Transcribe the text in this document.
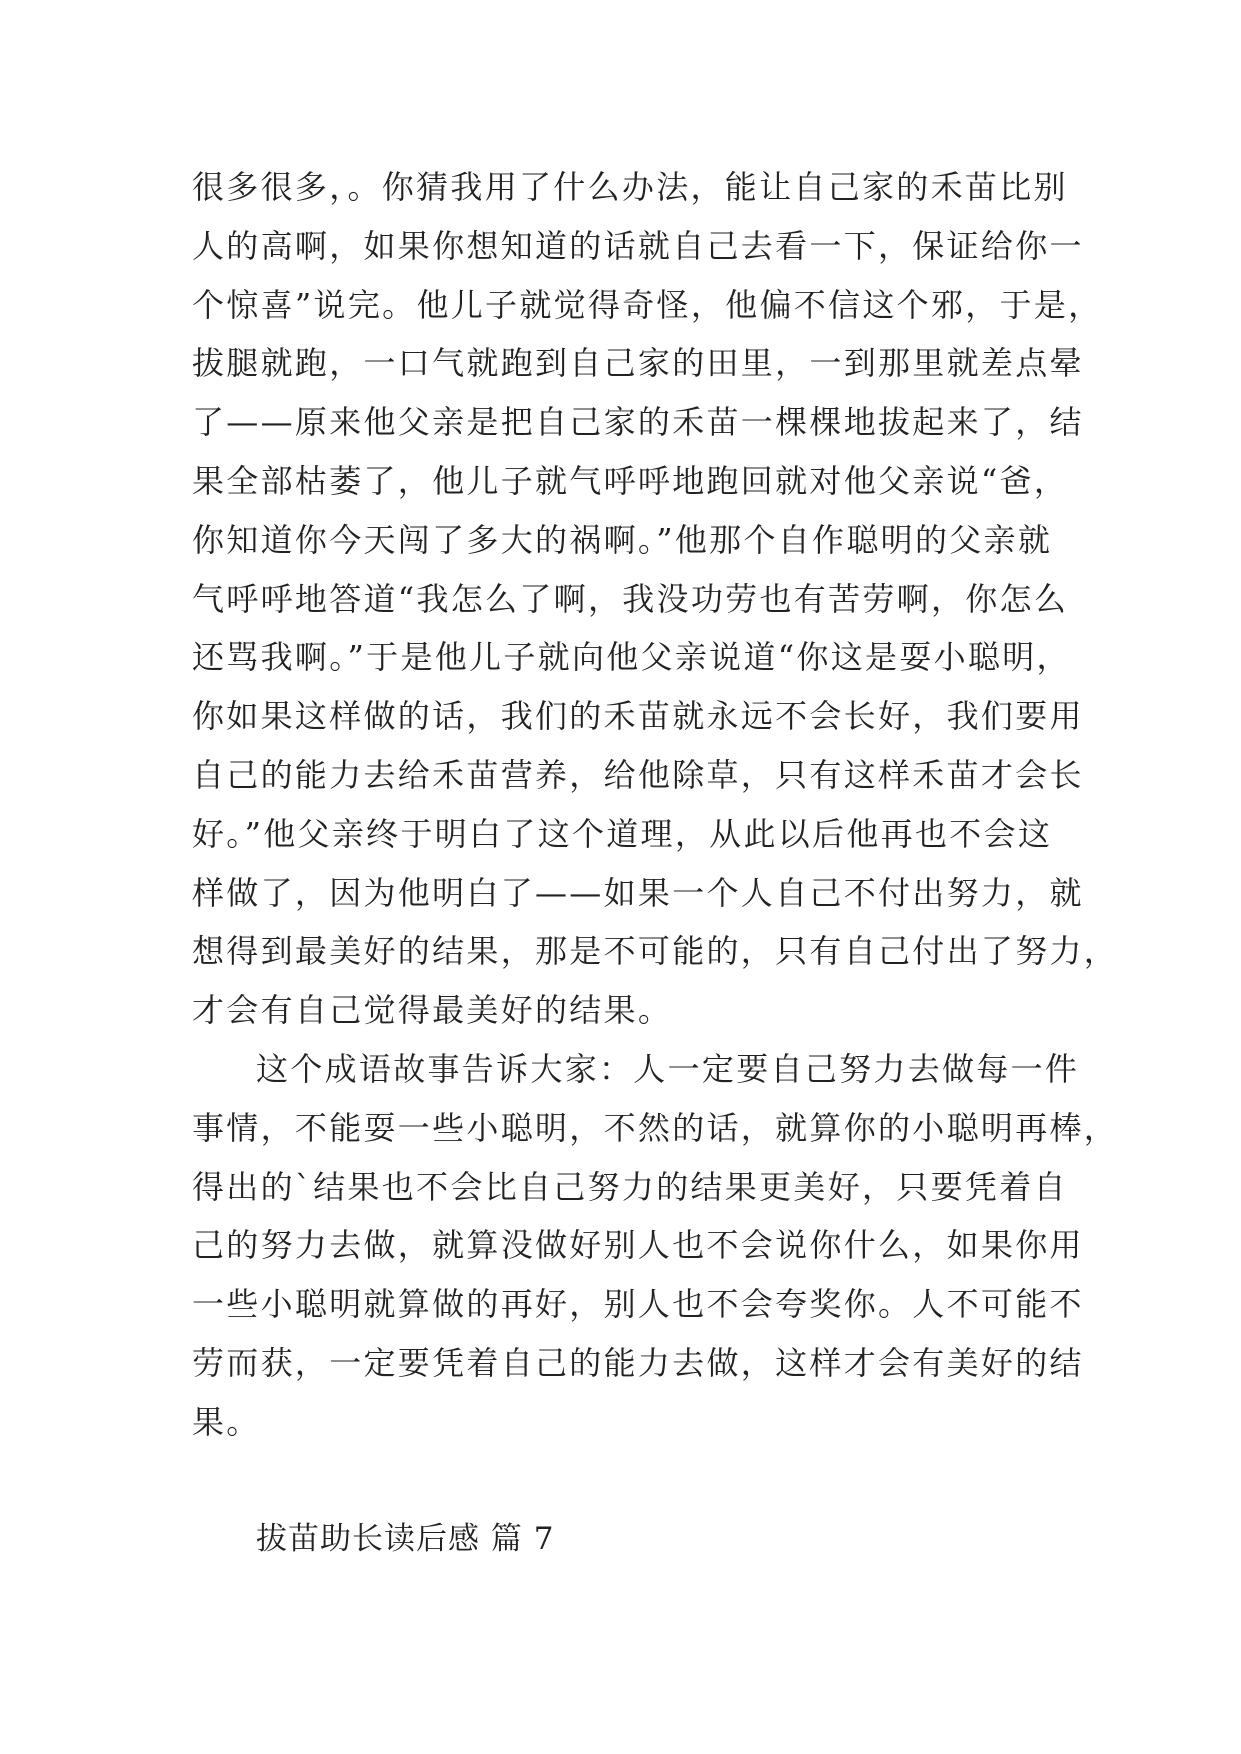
很多很多，。你猜我用了什么办法，能让自己家的禾苗比别
人的高啊，如果你想知道的话就自己去看一下，保证给你一
个惊喜”说完。他儿子就觉得奇怪，他偏不信这个邪，于是，
拔腿就跑，一口气就跑到自己家的田里，一到那里就差点晕
了——原来他父亲是把自己家的禾苗一棵棵地拔起来了，结
果全部枯萎了，他儿子就气呼呼地跑回就对他父亲说“爸，
你知道你今天闯了多大的祸啊。”他那个自作聪明的父亲就
气呼呼地答道“我怎么了啊，我没功劳也有苦劳啊，你怎么
还骂我啊。”于是他儿子就向他父亲说道“你这是耍小聪明，
你如果这样做的话，我们的禾苗就永远不会长好，我们要用
自己的能力去给禾苗营养，给他除草，只有这样禾苗才会长
好。”他父亲终于明白了这个道理，从此以后他再也不会这
样做了，因为他明白了——如果一个人自己不付出努力，就
想得到最美好的结果，那是不可能的，只有自己付出了努力，
才会有自己觉得最美好的结果。
这个成语故事告诉大家：人一定要自己努力去做每一件
事情，不能耍一些小聪明，不然的话，就算你的小聪明再棒，
得出的`结果也不会比自己努力的结果更美好，只要凭着自
己的努力去做，就算没做好别人也不会说你什么，如果你用
一些小聪明就算做的再好，别人也不会夸奖你。人不可能不
劳而获，一定要凭着自己的能力去做，这样才会有美好的结
果。
拔苗助长读后感 篇 7
